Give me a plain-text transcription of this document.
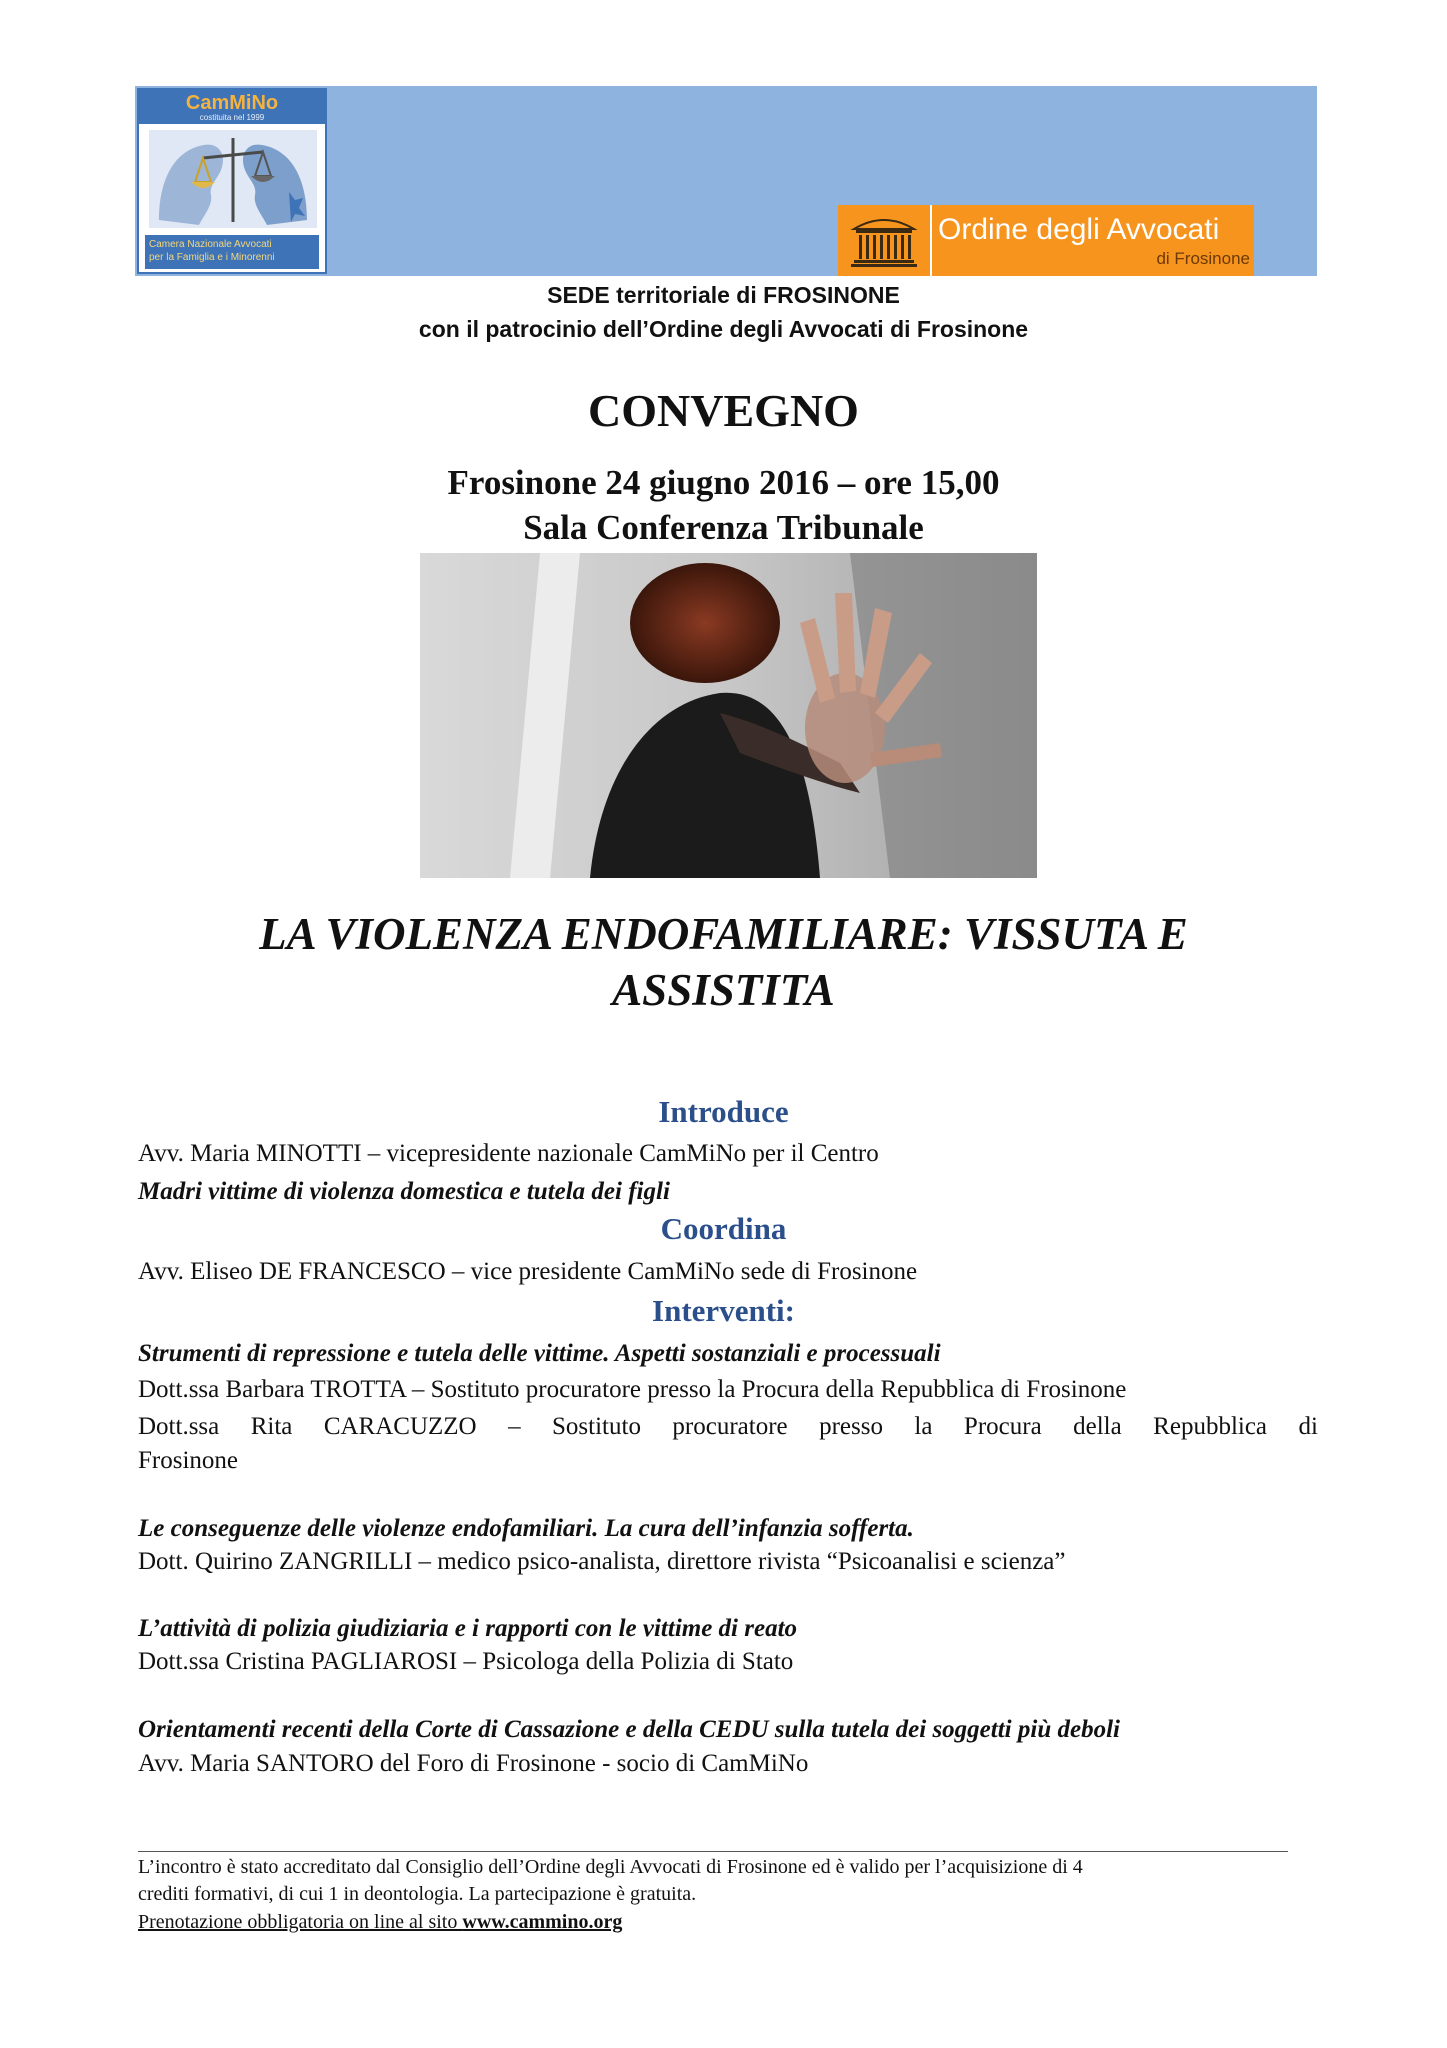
CamMiNo
costituita nel 1999
Camera Nazionale Avvocati
per la Famiglia e i Minorenni
Ordine degli Avvocati
di Frosinone
SEDE territoriale di FROSINONE
con il patrocinio dell’Ordine degli Avvocati di Frosinone
CONVEGNO
Frosinone 24 giugno 2016 – ore 15,00
Sala Conferenza Tribunale
LA VIOLENZA ENDOFAMILIARE: VISSUTA E
ASSISTITA
Introduce
Avv. Maria MINOTTI – vicepresidente nazionale CamMiNo per il Centro
Madri vittime di violenza domestica e tutela dei figli
Coordina
Avv. Eliseo DE FRANCESCO – vice presidente CamMiNo sede di Frosinone
Interventi:
Strumenti di repressione e tutela delle vittime. Aspetti sostanziali e processuali
Dott.ssa Barbara TROTTA – Sostituto procuratore presso la Procura della Repubblica di Frosinone
Dott.ssa Rita CARACUZZO – Sostituto procuratore presso la Procura della Repubblica di
Frosinone
Le conseguenze delle violenze endofamiliari. La cura dell’infanzia sofferta.
Dott. Quirino ZANGRILLI – medico psico-analista, direttore rivista “Psicoanalisi e scienza”
L’attività di polizia giudiziaria e i rapporti con le vittime di reato
Dott.ssa Cristina PAGLIAROSI – Psicologa della Polizia di Stato
Orientamenti recenti della Corte di Cassazione e della CEDU sulla tutela dei soggetti più deboli
Avv. Maria SANTORO del Foro di Frosinone - socio di CamMiNo
L’incontro è stato accreditato dal Consiglio dell’Ordine degli Avvocati di Frosinone ed è valido per l’acquisizione di 4
crediti formativi, di cui 1 in deontologia. La partecipazione è gratuita.
Prenotazione obbligatoria on line al sito www.cammino.org
